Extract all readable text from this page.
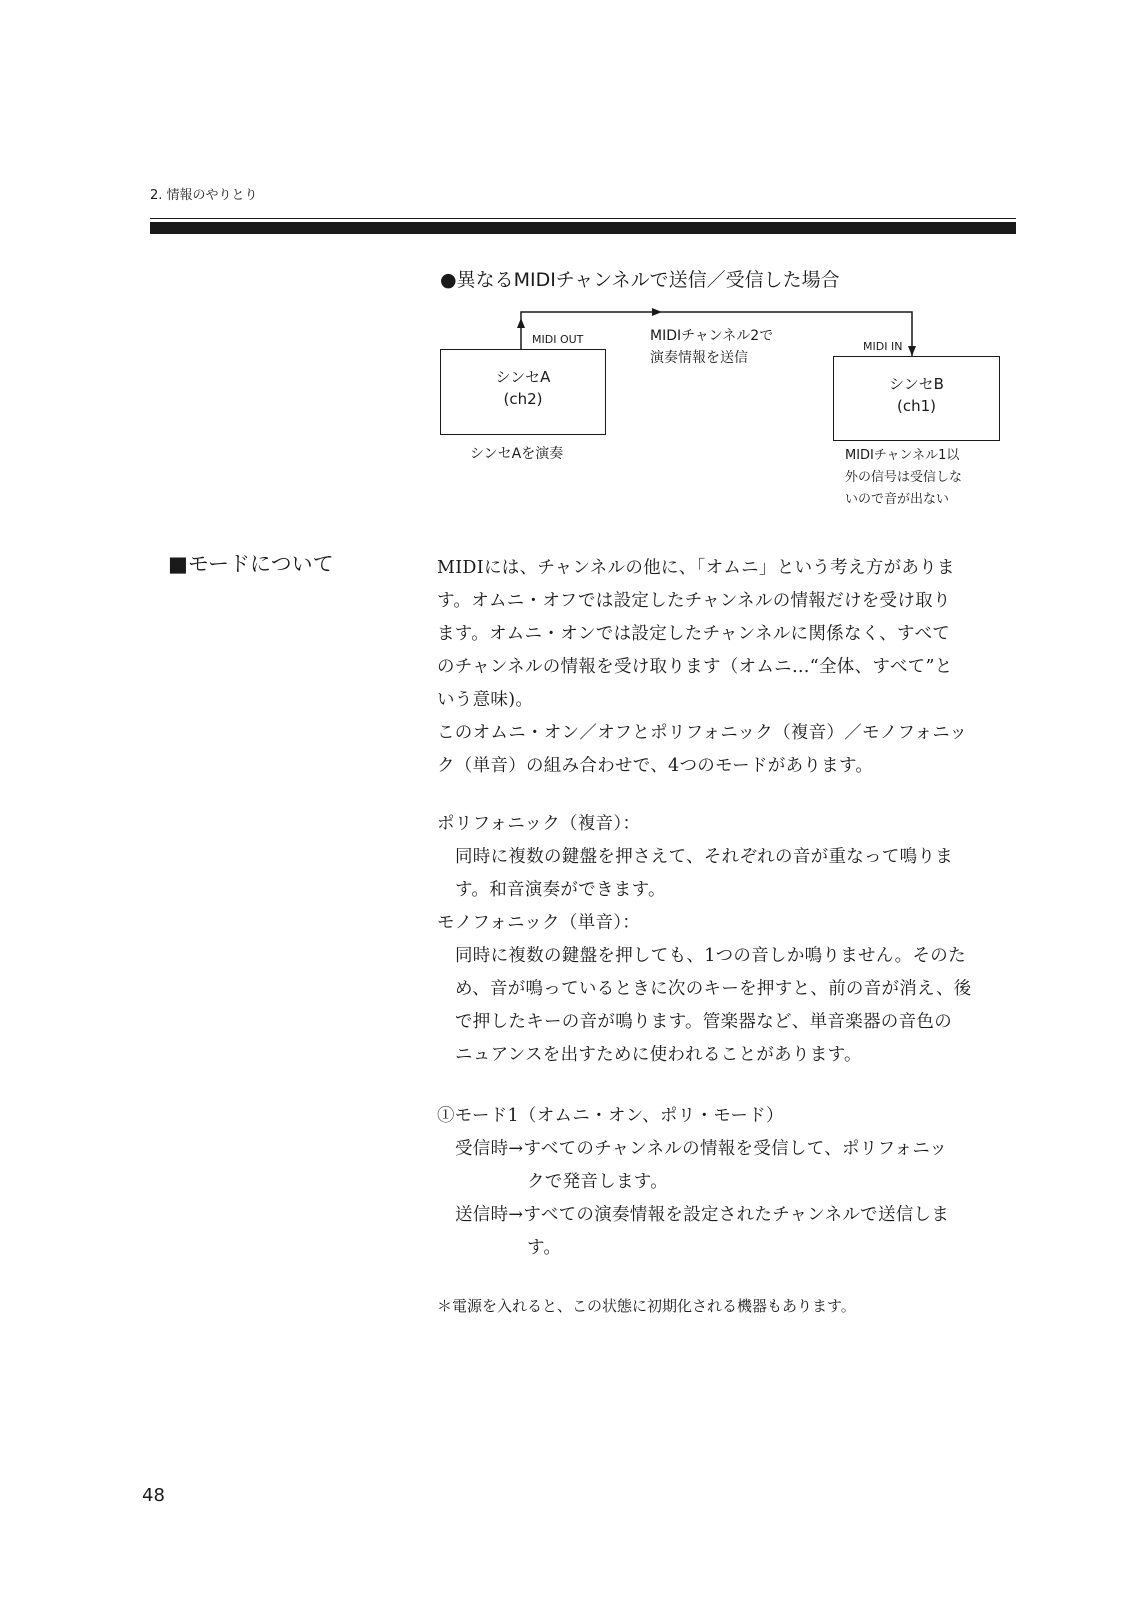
2. 情報のやりとり
●異なるMIDIチャンネルで送信／受信した場合
シンセA
(ch2)
シンセB
(ch1)
MIDI OUT
MIDI IN
MIDIチャンネル2で
演奏情報を送信
シンセAを演奏	MIDIチャンネル1以
外の信号は受信しな
いので音が出ない
■モードについて	MIDIには、チャンネルの他に、「オムニ」という考え方がありま

す。オムニ・オフでは設定したチャンネルの情報だけを受け取り

ます。オムニ・オンでは設定したチャンネルに関係なく、すべて

のチャンネルの情報を受け取ります（オムニ…“全体、すべて”と

いう意味)。

このオムニ・オン／オフとポリフォニック（複音）／モノフォニッ

ク（単音）の組み合わせで、4つのモードがあります。

ポリフォニック（複音）：

同時に複数の鍵盤を押さえて、それぞれの音が重なって鳴りま

す。和音演奏ができます。

モノフォニック（単音）：

同時に複数の鍵盤を押しても、1つの音しか鳴りません。そのた

め、音が鳴っているときに次のキーを押すと、前の音が消え、後

で押したキーの音が鳴ります。管楽器など、単音楽器の音色の

ニュアンスを出すために使われることがあります。

①モード1（オムニ・オン、ポリ・モード）

受信時→すべてのチャンネルの情報を受信して、ポリフォニッ

クで発音します。

送信時→すべての演奏情報を設定されたチャンネルで送信しま

す。

＊電源を入れると、この状態に初期化される機器もあります。
48
